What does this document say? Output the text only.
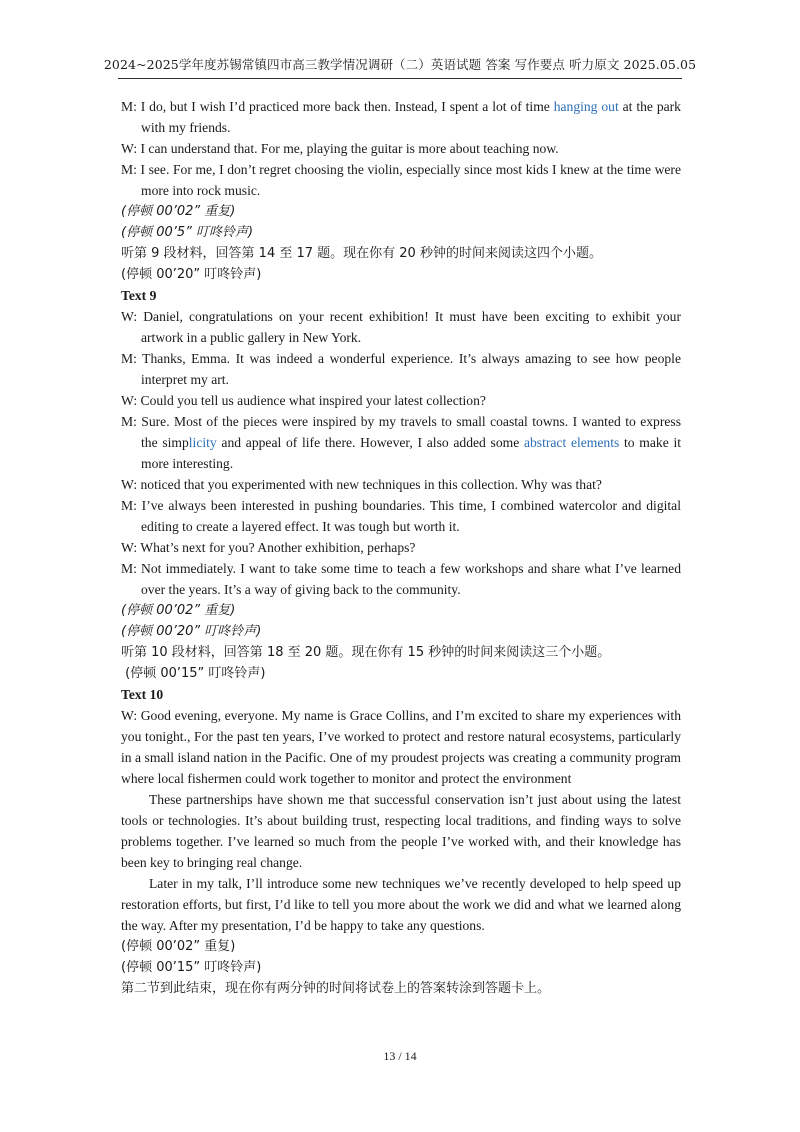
2024~2025学年度苏锡常镇四市高三教学情况调研（二）英语试题 答案 写作要点 听力原文 2025.05.05

M: I do, but I wish I’d practiced more back then. Instead, I spent a lot of time hanging out at the park with my friends.

W: I can understand that. For me, playing the guitar is more about teaching now.

M: I see. For me, I don’t regret choosing the violin, especially since most kids I knew at the time were more into rock music.

(停顿 00’02” 重复)

(停顿 00’5” 叮咚铃声)

听第 9 段材料，回答第 14 至 17 题。现在你有 20 秒钟的时间来阅读这四个小题。

(停顿 00’20” 叮咚铃声)

Text 9

W: Daniel, congratulations on your recent exhibition! It must have been exciting to exhibit your artwork in a public gallery in New York.

M: Thanks, Emma. It was indeed a wonderful experience. It’s always amazing to see how people interpret my art.

W: Could you tell us audience what inspired your latest collection?

M: Sure. Most of the pieces were inspired by my travels to small coastal towns. I wanted to express the simplicity and appeal of life there. However, I also added some abstract elements to make it more interesting.

W: noticed that you experimented with new techniques in this collection. Why was that?

M: I’ve always been interested in pushing boundaries. This time, I combined watercolor and digital editing to create a layered effect. It was tough but worth it.

W: What’s next for you? Another exhibition, perhaps?

M: Not immediately. I want to take some time to teach a few workshops and share what I’ve learned over the years. It’s a way of giving back to the community.

(停顿 00’02” 重复)

(停顿 00’20” 叮咚铃声)

听第 10 段材料，回答第 18 至 20 题。现在你有 15 秒钟的时间来阅读这三个小题。

(停顿 00’15” 叮咚铃声)

Text 10

W: Good evening, everyone. My name is Grace Collins, and I’m excited to share my experiences with you tonight., For the past ten years, I’ve worked to protect and restore natural ecosystems, particularly in a small island nation in the Pacific. One of my proudest projects was creating a community program where local fishermen could work together to monitor and protect the environment

These partnerships have shown me that successful conservation isn’t just about using the latest tools or technologies. It’s about building trust, respecting local traditions, and finding ways to solve problems together. I’ve learned so much from the people I’ve worked with, and their knowledge has been key to bringing real change.

Later in my talk, I’ll introduce some new techniques we’ve recently developed to help speed up restoration efforts, but first, I’d like to tell you more about the work we did and what we learned along the way. After my presentation, I’d be happy to take any questions.

(停顿 00’02” 重复)

(停顿 00’15” 叮咚铃声)

第二节到此结束，现在你有两分钟的时间将试卷上的答案转涂到答题卡上。

13 / 14
